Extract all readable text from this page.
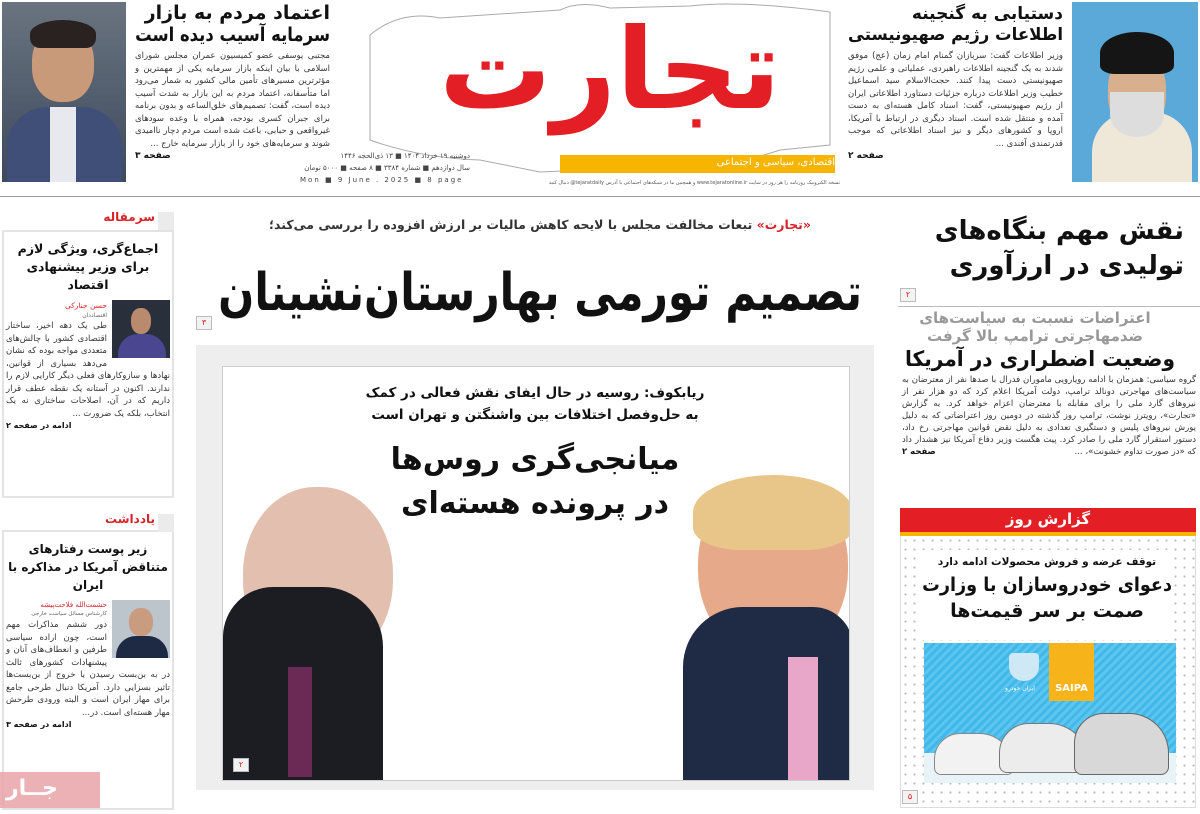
اعتماد مردم به بازار
سرمایه آسیب دیده است
مجتبی یوسفی عضو کمیسیون عمران مجلس شورای اسلامی با بیان اینکه بازار سرمایه یکی از مهمترین و مؤثرترین مسیرهای تأمین مالی کشور به شمار می‌رود اما متأسفانه، اعتماد مردم به این بازار به شدت آسیب دیده است، گفت: تصمیم‌های خلق‌الساعه و بدون برنامه برای جبران کسری بودجه، همراه با وعده سودهای غیرواقعی و حبابی، باعث شده است مردم دچار ناامیدی شوند و سرمایه‌های خود را از بازار سرمایه خارج ...
صفحه ۳
تجارت
اقتصادی، سیاسی و اجتماعی
دوشنبه ۱۹ خرداد ۱۴۰۴ ■ ۱۳ ذی‌الحجه ۱۴۴۶
سال دوازدهم ■ شماره ۳۳۸۴ ■ ۸ صفحه ■ ۵۰۰۰ تومان
Mon ■ 9 June . 2025 ■ 8 page	نسخه الکترونیک روزنامه را هر روز در سایت www.tejaratonline.ir و همچنین ما در شبکه‌های اجتماعی با آدرس tejaratdaily@ دنبال کنید
دستیابی به گنجینه
اطلاعات رژیم صهیونیستی
وزیر اطلاعات گفت: سربازان گمنام امام زمان (عج) موفق شدند به یک گنجینه اطلاعات راهبردی، عملیاتی و علمی رژیم صهیونیستی دست پیدا کنند. حجت‌الاسلام سید اسماعیل خطیب وزیر اطلاعات درباره جزئیات دستاورد اطلاعاتی ایران از رژیم صهیونیستی، گفت: اسناد کامل هسته‌ای به دست آمده و منتقل شده است. اسناد دیگری در ارتباط با آمریکا، اروپا و کشورهای دیگر و نیز اسناد اطلاعاتی که موجب قدرتمندی آفندی ...
صفحه ۲
سرمقاله
اجماع‌گری، ویژگی لازم برای وزیر پیشنهادی اقتصاد
حسن جنارکی
اقتصاددان
طی یک دهه اخیر، ساختار اقتصادی کشور با چالش‌های متعددی مواجه بوده که نشان می‌دهد بسیاری از قوانین، نهادها و سازوکارهای فعلی دیگر کارایی لازم را ندارند. اکنون در آستانه یک نقطه عطف قرار داریم که در آن، اصلاحات ساختاری نه یک انتخاب، بلکه یک ضرورت ...
ادامه در صفحه ۲
یادداشت
زیر پوست رفتارهای متناقض آمریکا در مذاکره با ایران
حشمت‌الله فلاحت‌پیشه
کارشناس مسائل سیاست خارجی
دور ششم مذاکرات مهم است، چون اراده سیاسی طرفین و انعطاف‌های آنان و پیشنهادات کشورهای ثالث در به بن‌بست رسیدن یا خروج از بن‌بست‌ها تاثیر بسزایی دارد. آمریکا دنبال طرحی جامع برای مهار ایران است و البته ورودی طرحش مهار هسته‌ای است. در...
ادامه در صفحه ۳
جــار
«تجارت» تبعات مخالفت مجلس با لایحه کاهش مالیات بر ارزش افزوده را بررسی می‌کند؛
تصمیم تورمی بهارستان‌نشینان
۳
ریابکوف: روسیه در حال ایفای نقش فعالی در کمک
به حل‌وفصل اختلافات بین واشنگتن و تهران است
میانجی‌گری روس‌ها
در پرونده هسته‌ای
۲
نقش مهم بنگاه‌های
تولیدی در ارزآوری
۲
اعتراضات نسبت به سیاست‌های
ضدمهاجرتی ترامپ بالا گرفت
وضعیت اضطراری در آمریکا
گروه سیاسی: همزمان با ادامه رویارویی ماموران فدرال با صدها نفر از معترضان به سیاست‌های مهاجرتی دونالد ترامپ، دولت آمریکا اعلام کرد که دو هزار نفر از نیروهای گارد ملی را برای مقابله با معترضان اعزام خواهد کرد. به گزارش «تجارت»، رویترز نوشت، ترامپ روز گذشته در دومین روز اعتراضاتی که به دلیل یورش نیروهای پلیس و دستگیری تعدادی به دلیل نقض قوانین مهاجرتی رخ داد، دستور استقرار گارد ملی را صادر کرد. پیت هگست وزیر دفاع آمریکا نیز هشدار داد که «در صورت تداوم خشونت»، ...
صفحه ۲
گزارش روز
توقف عرضه و فروش محصولات ادامه دارد
دعوای خودروسازان با وزارت
صمت بر سر قیمت‌ها
SAIPA
ایران خودرو
۵
